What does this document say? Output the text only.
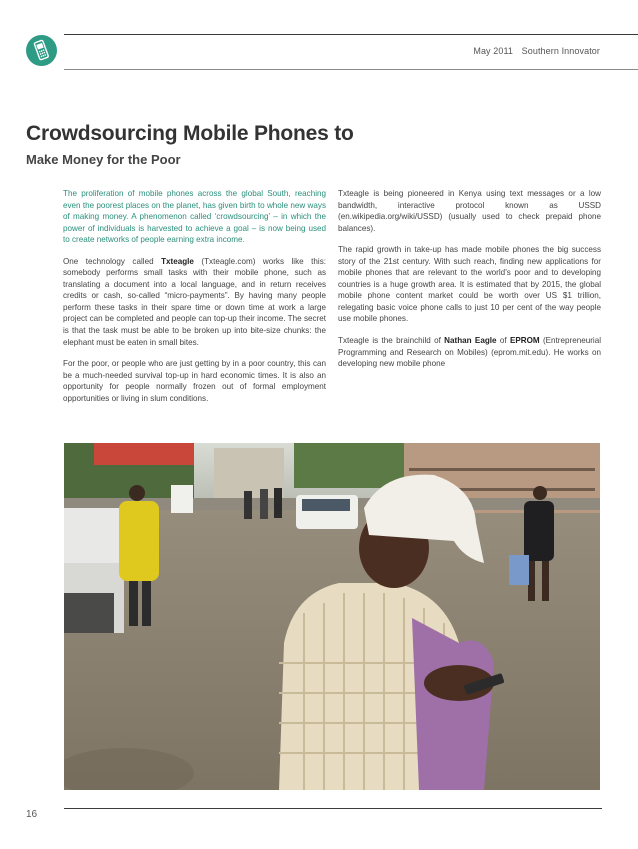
May 2011 Southern Innovator
Crowdsourcing Mobile Phones to
Make Money for the Poor

The proliferation of mobile phones across the global South, reaching even the poorest places on the planet, has given birth to whole new ways of making money. A phenomenon called ‘crowdsourcing’ – in which the power of individuals is harvested to achieve a goal – is now being used to create networks of people earning extra income.

One technology called Txteagle (Txteagle.com) works like this: somebody performs small tasks with their mobile phone, such as translating a document into a local language, and in return receives credits or cash, so-called “micro-payments”. By having many people perform these tasks in their spare time or down time at work a large project can be completed and people can top-up their income. The secret is that the task must be able to be broken up into bite-size chunks: the elephant must be eaten in small bites.

For the poor, or people who are just getting by in a poor country, this can be a much-needed survival top-up in hard economic times. It is also an opportunity for people normally frozen out of formal employment opportunities or living in slum conditions.

Txteagle is being pioneered in Kenya using text messages or a low bandwidth, interactive protocol known as USSD (en.wikipedia.org/wiki/USSD) (usually used to check prepaid phone balances).

The rapid growth in take-up has made mobile phones the big success story of the 21st century. With such reach, finding new applications for mobile phones that are relevant to the world’s poor and to developing countries is a huge growth area. It is estimated that by 2015, the global mobile phone content market could be worth over US $1 trillion, relegating basic voice phone calls to just 10 per cent of the way people use mobile phones.

Txteagle is the brainchild of Nathan Eagle of EPROM (Entrepreneurial Programming and Research on Mobiles) (eprom.mit.edu). He works on developing new mobile phone

16
